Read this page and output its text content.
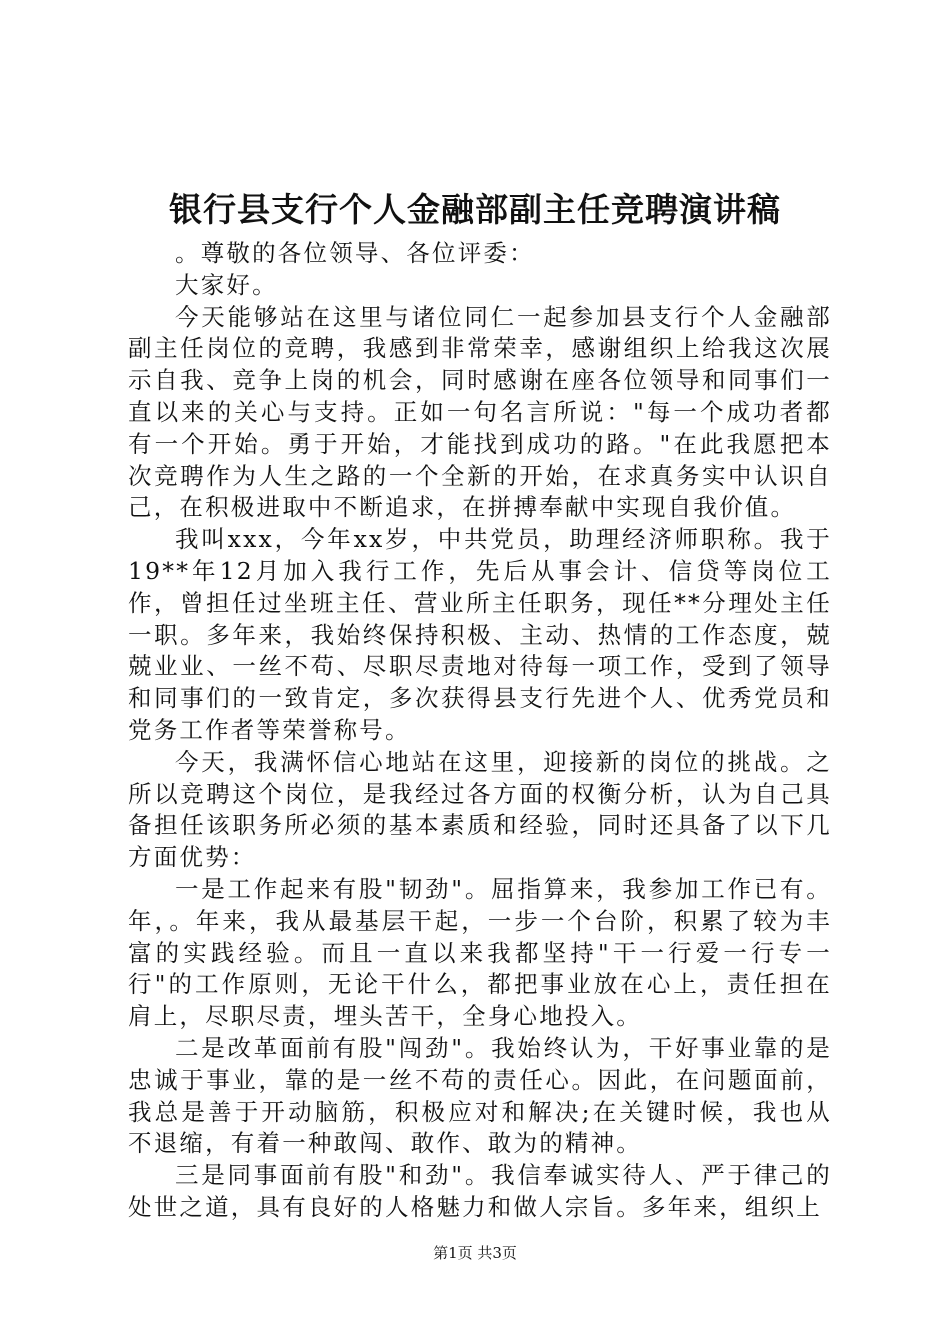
银行县支行个人金融部副主任竞聘演讲稿

。尊敬的各位领导、各位评委：

大家好。

今天能够站在这里与诸位同仁一起参加县支行个人金融部副主任岗位的竞聘，我感到非常荣幸，感谢组织上给我这次展示自我、竞争上岗的机会，同时感谢在座各位领导和同事们一直以来的关心与支持。正如一句名言所说："每一个成功者都有一个开始。勇于开始，才能找到成功的路。"在此我愿把本次竞聘作为人生之路的一个全新的开始，在求真务实中认识自己，在积极进取中不断追求，在拼搏奉献中实现自我价值。

我叫xxx，今年xx岁，中共党员，助理经济师职称。我于19**年12月加入我行工作，先后从事会计、信贷等岗位工作，曾担任过坐班主任、营业所主任职务，现任**分理处主任一职。多年来，我始终保持积极、主动、热情的工作态度，兢兢业业、一丝不苟、尽职尽责地对待每一项工作，受到了领导和同事们的一致肯定，多次获得县支行先进个人、优秀党员和党务工作者等荣誉称号。

今天，我满怀信心地站在这里，迎接新的岗位的挑战。之所以竞聘这个岗位，是我经过各方面的权衡分析，认为自己具备担任该职务所必须的基本素质和经验，同时还具备了以下几方面优势：

一是工作起来有股"韧劲"。屈指算来，我参加工作已有。年，。年来，我从最基层干起，一步一个台阶，积累了较为丰富的实践经验。而且一直以来我都坚持"干一行爱一行专一行"的工作原则，无论干什么，都把事业放在心上，责任担在肩上，尽职尽责，埋头苦干，全身心地投入。

二是改革面前有股"闯劲"。我始终认为，干好事业靠的是忠诚于事业，靠的是一丝不苟的责任心。因此，在问题面前，我总是善于开动脑筋，积极应对和解决;在关键时候，我也从不退缩，有着一种敢闯、敢作、敢为的精神。

三是同事面前有股"和劲"。我信奉诚实待人、严于律己的处世之道，具有良好的人格魅力和做人宗旨。多年来，组织上

第1页 共3页
